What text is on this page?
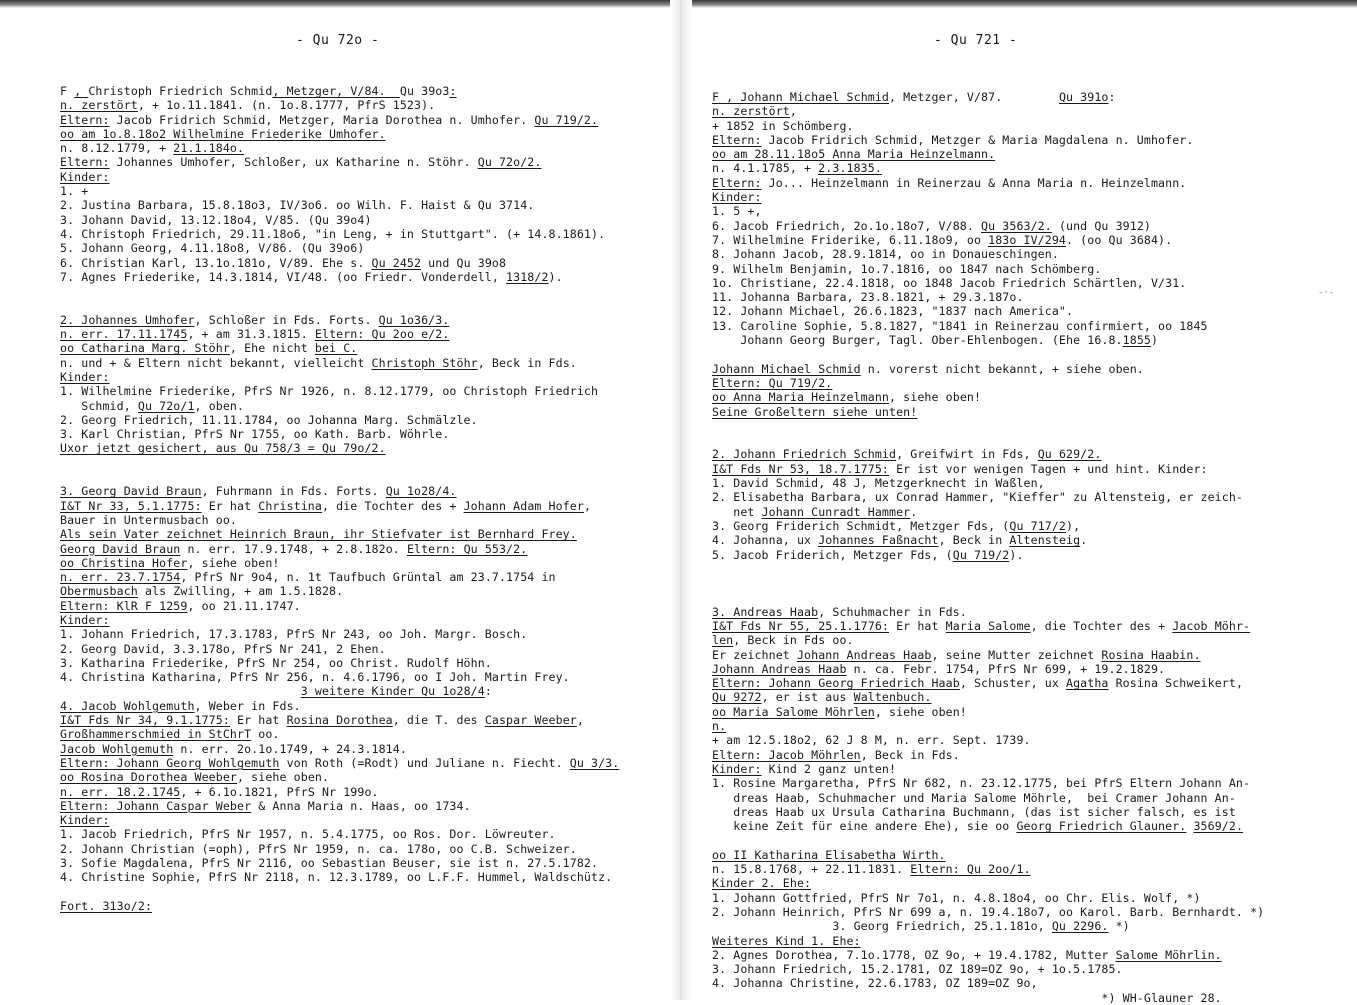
- Qu 72o -
F , Christoph Friedrich Schmid, Metzger, V/84.  Qu 39o3:
n. zerstört, + 1o.11.1841. (n. 1o.8.1777, PfrS 1523).
Eltern: Jacob Fridrich Schmid, Metzger, Maria Dorothea n. Umhofer. Qu 719/2.
oo am 1o.8.18o2 Wilhelmine Friederike Umhofer.
n. 8.12.1779, + 21.1.184o.
Eltern: Johannes Umhofer, Schloßer, ux Katharine n. Stöhr. Qu 72o/2.
Kinder:
1. +
2. Justina Barbara, 15.8.18o3, IV/3o6. oo Wilh. F. Haist & Qu 3714.
3. Johann David, 13.12.18o4, V/85. (Qu 39o4)
4. Christoph Friedrich, 29.11.18o6, "in Leng, + in Stuttgart". (+ 14.8.1861).
5. Johann Georg, 4.11.18o8, V/86. (Qu 39o6)
6. Christian Karl, 13.1o.181o, V/89. Ehe s. Qu 2452 und Qu 39o8
7. Agnes Friederike, 14.3.1814, VI/48. (oo Friedr. Vonderdell, 1318/2).

2. Johannes Umhofer, Schloßer in Fds. Forts. Qu 1o36/3.
n. err. 17.11.1745, + am 31.3.1815. Eltern: Qu 2oo e/2.
oo Catharina Marg. Stöhr, Ehe nicht bei C.
n. und + & Eltern nicht bekannt, vielleicht Christoph Stöhr, Beck in Fds.
Kinder:
1. Wilhelmine Friederike, PfrS Nr 1926, n. 8.12.1779, oo Christoph Friedrich
Schmid, Qu 72o/1, oben.
2. Georg Friedrich, 11.11.1784, oo Johanna Marg. Schmälzle.
3. Karl Christian, PfrS Nr 1755, oo Kath. Barb. Wöhrle.
Uxor jetzt gesichert, aus Qu 758/3 = Qu 79o/2.

3. Georg David Braun, Fuhrmann in Fds. Forts. Qu 1o28/4.
I&T Nr 33, 5.1.1775: Er hat Christina, die Tochter des + Johann Adam Hofer,
Bauer in Untermusbach oo.
Als sein Vater zeichnet Heinrich Braun, ihr Stiefvater ist Bernhard Frey.
Georg David Braun n. err. 17.9.1748, + 2.8.182o. Eltern: Qu 553/2.
oo Christina Hofer, siehe oben!
n. err. 23.7.1754, PfrS Nr 9o4, n. 1t Taufbuch Grüntal am 23.7.1754 in
Obermusbach als Zwilling, + am 1.5.1828.
Eltern: KlR F 1259, oo 21.11.1747.
Kinder:
1. Johann Friedrich, 17.3.1783, PfrS Nr 243, oo Joh. Margr. Bosch.
2. Georg David, 3.3.178o, PfrS Nr 241, 2 Ehen.
3. Katharina Friederike, PfrS Nr 254, oo Christ. Rudolf Höhn.
4. Christina Katharina, PfrS Nr 256, n. 4.6.1796, oo I Joh. Martin Frey.
3 weitere Kinder Qu 1o28/4:
4. Jacob Wohlgemuth, Weber in Fds.
I&T Fds Nr 34, 9.1.1775: Er hat Rosina Dorothea, die T. des Caspar Weeber,
Großhammerschmied in StChrT oo.
Jacob Wohlgemuth n. err. 2o.1o.1749, + 24.3.1814.
Eltern: Johann Georg Wohlgemuth von Roth (=Rodt) und Juliane n. Fiecht. Qu 3/3.
oo Rosina Dorothea Weeber, siehe oben.
n. err. 18.2.1745, + 6.1o.1821, PfrS Nr 199o.
Eltern: Johann Caspar Weber & Anna Maria n. Haas, oo 1734.
Kinder:
1. Jacob Friedrich, PfrS Nr 1957, n. 5.4.1775, oo Ros. Dor. Löwreuter.
2. Johann Christian (=oph), PfrS Nr 1959, n. ca. 178o, oo C.B. Schweizer.
3. Sofie Magdalena, PfrS Nr 2116, oo Sebastian Beuser, sie ist n. 27.5.1782.
4. Christine Sophie, PfrS Nr 2118, n. 12.3.1789, oo L.F.F. Hummel, Waldschütz.

Fort. 313o/2:
- Qu 721 -
F , Johann Michael Schmid, Metzger, V/87.        Qu 391o:
n. zerstört,
+ 1852 in Schömberg.
Eltern: Jacob Fridrich Schmid, Metzger & Maria Magdalena n. Umhofer.
oo am 28.11.18o5 Anna Maria Heinzelmann.
n. 4.1.1785, + 2.3.1835.
Eltern: Jo... Heinzelmann in Reinerzau & Anna Maria n. Heinzelmann.
Kinder:
1. 5 +,
6. Jacob Friedrich, 2o.1o.18o7, V/88. Qu 3563/2. (und Qu 3912)
7. Wilhelmine Friderike, 6.11.18o9, oo 183o IV/294. (oo Qu 3684).
8. Johann Jacob, 28.9.1814, oo in Donaueschingen.
9. Wilhelm Benjamin, 1o.7.1816, oo 1847 nach Schömberg.
1o. Christiane, 22.4.1818, oo 1848 Jacob Friedrich Schärtlen, V/31.
11. Johanna Barbara, 23.8.1821, + 29.3.187o.
12. Johann Michael, 26.6.1823, "1837 nach America".
13. Caroline Sophie, 5.8.1827, "1841 in Reinerzau confirmiert, oo 1845
Johann Georg Burger, Tagl. Ober-Ehlenbogen. (Ehe 16.8.1855)

Johann Michael Schmid n. vorerst nicht bekannt, + siehe oben.
Eltern: Qu 719/2.
oo Anna Maria Heinzelmann, siehe oben!
Seine Großeltern siehe unten!

2. Johann Friedrich Schmid, Greifwirt in Fds, Qu 629/2.
I&T Fds Nr 53, 18.7.1775: Er ist vor wenigen Tagen + und hint. Kinder:
1. David Schmid, 48 J, Metzgerknecht in Waßlen,
2. Elisabetha Barbara, ux Conrad Hammer, "Kieffer" zu Altensteig, er zeich-
net Johann Cunradt Hammer.
3. Georg Friderich Schmidt, Metzger Fds, (Qu 717/2),
4. Johanna, ux Johannes Faßnacht, Beck in Altensteig.
5. Jacob Friderich, Metzger Fds, (Qu 719/2).

3. Andreas Haab, Schuhmacher in Fds.
I&T Fds Nr 55, 25.1.1776: Er hat Maria Salome, die Tochter des + Jacob Möhr-
len, Beck in Fds oo.
Er zeichnet Johann Andreas Haab, seine Mutter zeichnet Rosina Haabin.
Johann Andreas Haab n. ca. Febr. 1754, PfrS Nr 699, + 19.2.1829.
Eltern: Johann Georg Friedrich Haab, Schuster, ux Agatha Rosina Schweikert,
Qu 9272, er ist aus Waltenbuch.
oo Maria Salome Möhrlen, siehe oben!
n.
+ am 12.5.18o2, 62 J 8 M, n. err. Sept. 1739.
Eltern: Jacob Möhrlen, Beck in Fds.
Kinder: Kind 2 ganz unten!
1. Rosine Margaretha, PfrS Nr 682, n. 23.12.1775, bei PfrS Eltern Johann An-
dreas Haab, Schuhmacher und Maria Salome Möhrle,  bei Cramer Johann An-
dreas Haab ux Ursula Catharina Buchmann, (das ist sicher falsch, es ist
keine Zeit für eine andere Ehe), sie oo Georg Friedrich Glauner. 3569/2.

oo II Katharina Elisabetha Wirth.
n. 15.8.1768, + 22.11.1831. Eltern: Qu 2oo/1.
Kinder 2. Ehe:
1. Johann Gottfried, PfrS Nr 7o1, n. 4.8.18o4, oo Chr. Elis. Wolf, *)
2. Johann Heinrich, PfrS Nr 699 a, n. 19.4.18o7, oo Karol. Barb. Bernhardt. *)
3. Georg Friedrich, 25.1.181o, Qu 2296. *)
Weiteres Kind 1. Ehe:
2. Agnes Dorothea, 7.1o.1778, OZ 9o, + 19.4.1782, Mutter Salome Möhrlin.
3. Johann Friedrich, 15.2.1781, OZ 189=OZ 9o, + 1o.5.1785.
4. Johanna Christine, 22.6.1783, OZ 189=OZ 9o,
*) WH-Glauner 28.
-·-
